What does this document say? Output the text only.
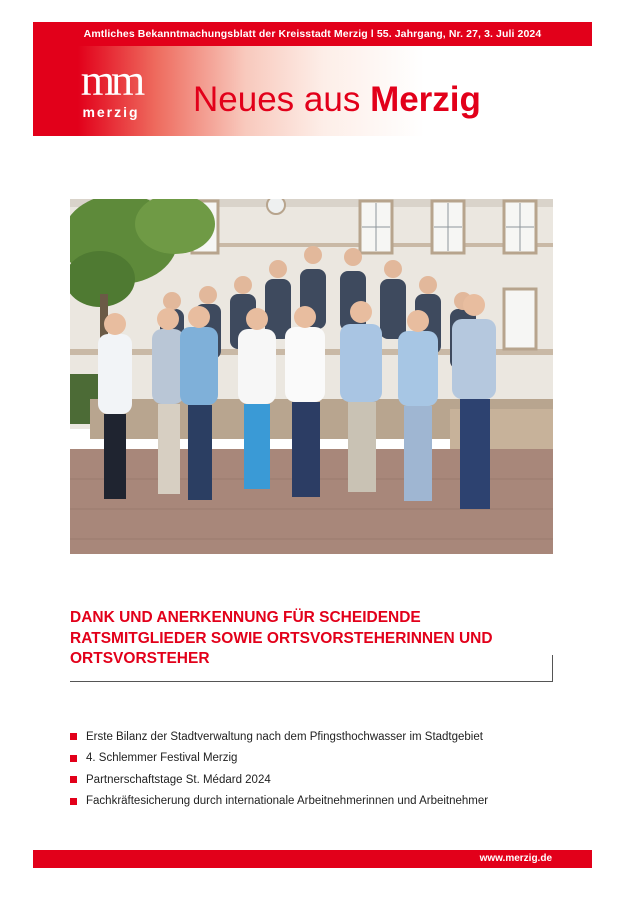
Amtliches Bekanntmachungsblatt der Kreisstadt Merzig l 55. Jahrgang, Nr. 27, 3. Juli 2024
mm
merzig	Neues aus Merzig
DANK UND ANERKENNUNG FÜR SCHEIDENDE RATSMITGLIEDER SOWIE ORTSVORSTEHERINNEN UND ORTSVORSTEHER
Erste Bilanz der Stadtverwaltung nach dem Pfingsthochwasser im Stadtgebiet
4. Schlemmer Festival Merzig
Partnerschaftstage St. Médard 2024
Fachkräftesicherung durch internationale Arbeitnehmerinnen und Arbeitnehmer
www.merzig.de
